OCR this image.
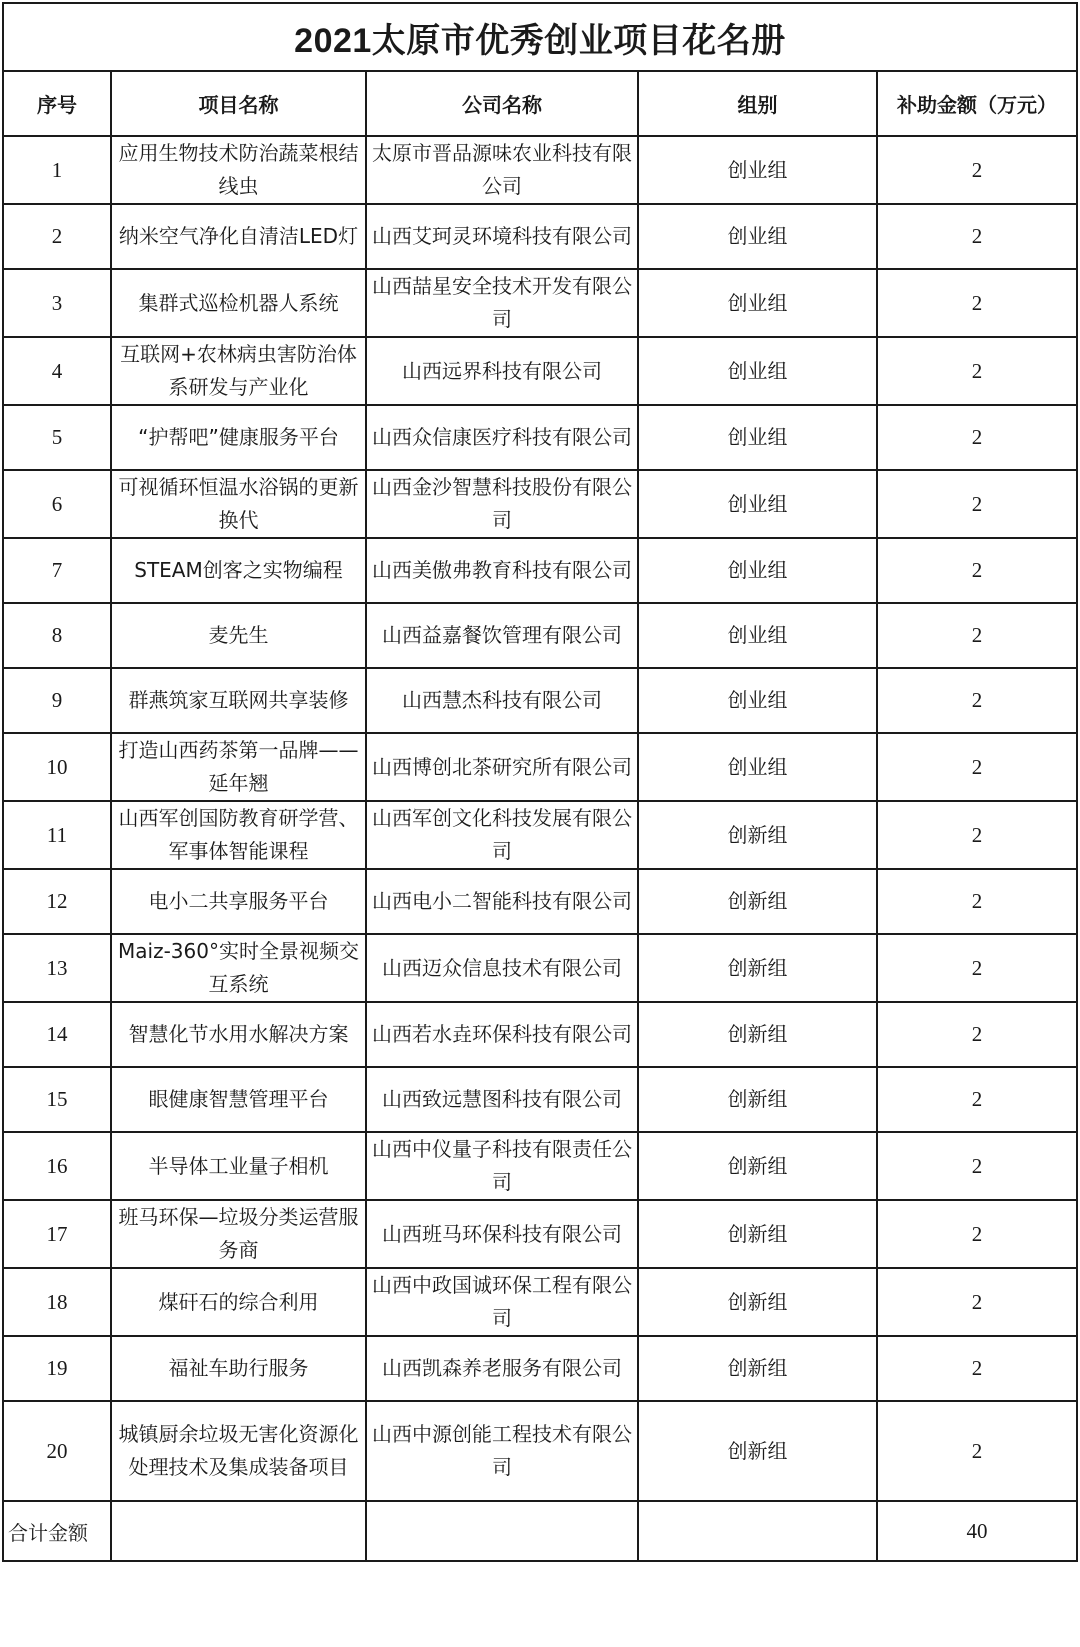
2021太原市优秀创业项目花名册				
序号	项目名称	公司名称	组别	补助金额（万元）
1	应用生物技术防治蔬菜根结线虫	太原市晋品源味农业科技有限公司	创业组	2
2	纳米空气净化自清洁LED灯	山西艾珂灵环境科技有限公司	创业组	2
3	集群式巡检机器人系统	山西喆星安全技术开发有限公司	创业组	2
4	互联网+农林病虫害防治体系研发与产业化	山西远界科技有限公司	创业组	2
5	“护帮吧”健康服务平台	山西众信康医疗科技有限公司	创业组	2
6	可视循环恒温水浴锅的更新换代	山西金沙智慧科技股份有限公司	创业组	2
7	STEAM创客之实物编程	山西美傲弗教育科技有限公司	创业组	2
8	麦先生	山西益嘉餐饮管理有限公司	创业组	2
9	群燕筑家互联网共享装修	山西慧杰科技有限公司	创业组	2
10	打造山西药茶第一品牌——延年翘	山西博创北茶研究所有限公司	创业组	2
11	山西军创国防教育研学营、军事体智能课程	山西军创文化科技发展有限公司	创新组	2
12	电小二共享服务平台	山西电小二智能科技有限公司	创新组	2
13	Maiz-360°实时全景视频交互系统	山西迈众信息技术有限公司	创新组	2
14	智慧化节水用水解决方案	山西若水垚环保科技有限公司	创新组	2
15	眼健康智慧管理平台	山西致远慧图科技有限公司	创新组	2
16	半导体工业量子相机	山西中仪量子科技有限责任公司	创新组	2
17	班马环保—垃圾分类运营服务商	山西班马环保科技有限公司	创新组	2
18	煤矸石的综合利用	山西中政国诚环保工程有限公司	创新组	2
19	福祉车助行服务	山西凯森养老服务有限公司	创新组	2
20	城镇厨余垃圾无害化资源化处理技术及集成装备项目	山西中源创能工程技术有限公司	创新组	2
合计金额				40
